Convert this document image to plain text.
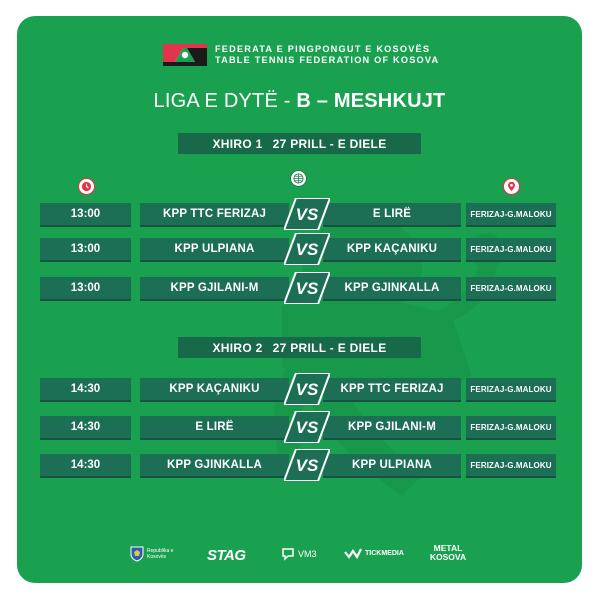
FEDERATA E PINGPONGUT E KOSOVËS
TABLE TENNIS FEDERATION OF KOSOVA
LIGA E DYTË - B – MESHKUJT
XHIRO 1 27 PRILL - E DIELE
13:00	KPP TTC FERIZAJ	E LIRË	FERIZAJ-G.MALOKU
VS
13:00	KPP ULPIANA	KPP KAÇANIKU	FERIZAJ-G.MALOKU
VS
13:00	KPP GJILANI-M	KPP GJINKALLA	FERIZAJ-G.MALOKU
VS
XHIRO 2 27 PRILL - E DIELE
14:30	KPP KAÇANIKU	KPP TTC FERIZAJ	FERIZAJ-G.MALOKU
VS
14:30	E LIRË	KPP GJILANI-M	FERIZAJ-G.MALOKU
VS
14:30	KPP GJINKALLA	KPP ULPIANA	FERIZAJ-G.MALOKU
VS
Republika e Kosovës	STAG	VM3	TICKMEDIA	METAL KOSOVA
